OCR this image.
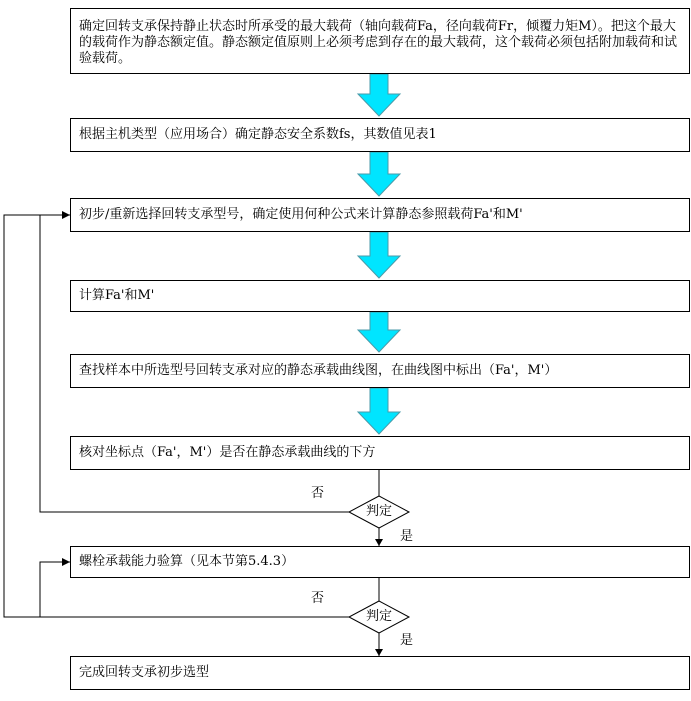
确定回转支承保持静止状态时所承受的最大载荷（轴向载荷Fa，径向载荷Fr，倾覆力矩M）。把这个最大的载荷作为静态额定值。静态额定值原则上必须考虑到存在的最大载荷，这个载荷必须包括附加载荷和试验载荷。
根据主机类型（应用场合）确定静态安全系数fs，其数值见表1
初步/重新选择回转支承型号，确定使用何种公式来计算静态参照载荷Fa'和M'
计算Fa'和M'
查找样本中所选型号回转支承对应的静态承载曲线图，在曲线图中标出（Fa'，M'）
核对坐标点（Fa'，M'）是否在静态承载曲线的下方
螺栓承载能力验算（见本节第5.4.3）
完成回转支承初步选型
判定
判定
否
是
否
是
